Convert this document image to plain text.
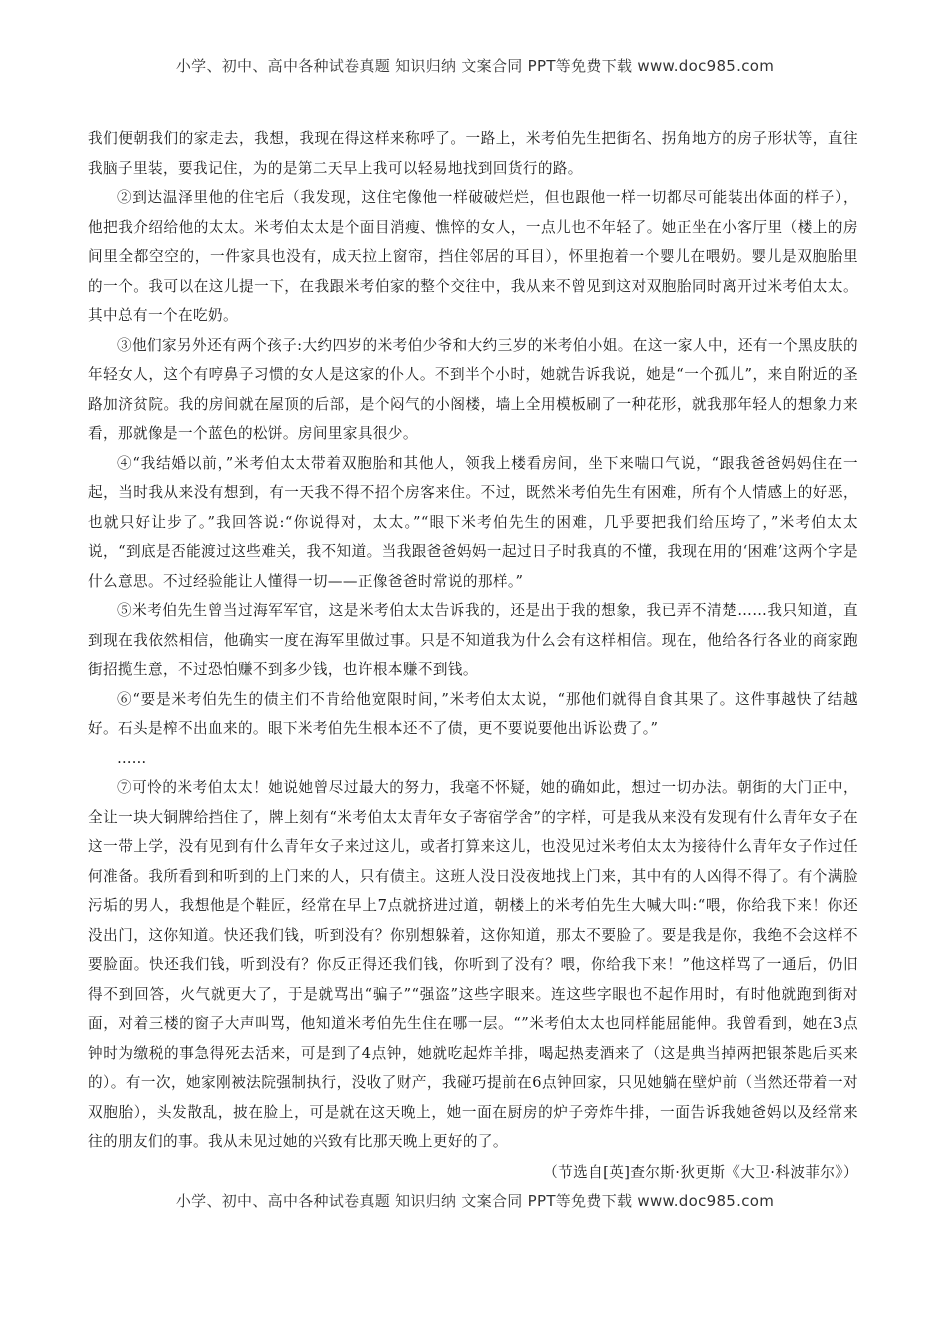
小学、初中、高中各种试卷真题 知识归纳 文案合同 PPT等免费下载 www.doc985.com

我们便朝我们的家走去，我想，我现在得这样来称呼了。一路上，米考伯先生把街名、拐角地方的房子形状等，直往我脑子里装，要我记住，为的是第二天早上我可以轻易地找到回货行的路。

②到达温泽里他的住宅后（我发现，这住宅像他一样破破烂烂，但也跟他一样一切都尽可能装出体面的样子），他把我介绍给他的太太。米考伯太太是个面目消瘦、憔悴的女人，一点儿也不年轻了。她正坐在小客厅里（楼上的房间里全都空空的，一件家具也没有，成天拉上窗帘，挡住邻居的耳目），怀里抱着一个婴儿在喂奶。婴儿是双胞胎里的一个。我可以在这儿提一下，在我跟米考伯家的整个交往中，我从来不曾见到这对双胞胎同时离开过米考伯太太。其中总有一个在吃奶。

③他们家另外还有两个孩子:大约四岁的米考伯少爷和大约三岁的米考伯小姐。在这一家人中，还有一个黑皮肤的年轻女人，这个有哼鼻子习惯的女人是这家的仆人。不到半个小时，她就告诉我说，她是“一个孤儿”，来自附近的圣路加济贫院。我的房间就在屋顶的后部，是个闷气的小阁楼，墙上全用模板刷了一种花形，就我那年轻人的想象力来看，那就像是一个蓝色的松饼。房间里家具很少。

④“我结婚以前，”米考伯太太带着双胞胎和其他人，领我上楼看房间，坐下来喘口气说，“跟我爸爸妈妈住在一起，当时我从来没有想到，有一天我不得不招个房客来住。不过，既然米考伯先生有困难，所有个人情感上的好恶，也就只好让步了。”我回答说:“你说得对，太太。”“眼下米考伯先生的困难，几乎要把我们给压垮了，”米考伯太太说，“到底是否能渡过这些难关，我不知道。当我跟爸爸妈妈一起过日子时我真的不懂，我现在用的‘困难’这两个字是什么意思。不过经验能让人懂得一切——正像爸爸时常说的那样。”

⑤米考伯先生曾当过海军军官，这是米考伯太太告诉我的，还是出于我的想象，我已弄不清楚……我只知道，直到现在我依然相信，他确实一度在海军里做过事。只是不知道我为什么会有这样相信。现在，他给各行各业的商家跑街招揽生意，不过恐怕赚不到多少钱，也许根本赚不到钱。

⑥“要是米考伯先生的债主们不肯给他宽限时间，”米考伯太太说，“那他们就得自食其果了。这件事越快了结越好。石头是榨不出血来的。眼下米考伯先生根本还不了债，更不要说要他出诉讼费了。”

……

⑦可怜的米考伯太太！她说她曾尽过最大的努力，我毫不怀疑，她的确如此，想过一切办法。朝街的大门正中，全让一块大铜牌给挡住了，牌上刻有“米考伯太太青年女子寄宿学舍”的字样，可是我从来没有发现有什么青年女子在这一带上学，没有见到有什么青年女子来过这儿，或者打算来这儿，也没见过米考伯太太为接待什么青年女子作过任何准备。我所看到和听到的上门来的人，只有债主。这班人没日没夜地找上门来，其中有的人凶得不得了。有个满脸污垢的男人，我想他是个鞋匠，经常在早上7点就挤进过道，朝楼上的米考伯先生大喊大叫:“喂，你给我下来！你还没出门，这你知道。快还我们钱，听到没有？你别想躲着，这你知道，那太不要脸了。要是我是你，我绝不会这样不要脸面。快还我们钱，听到没有？你反正得还我们钱，你听到了没有？喂，你给我下来！”他这样骂了一通后，仍旧得不到回答，火气就更大了，于是就骂出“骗子”“强盗”这些字眼来。连这些字眼也不起作用时，有时他就跑到街对面，对着三楼的窗子大声叫骂，他知道米考伯先生住在哪一层。“”米考伯太太也同样能屈能伸。我曾看到，她在3点钟时为缴税的事急得死去活来，可是到了4点钟，她就吃起炸羊排，喝起热麦酒来了（这是典当掉两把银茶匙后买来的）。有一次，她家刚被法院强制执行，没收了财产，我碰巧提前在6点钟回家，只见她躺在壁炉前（当然还带着一对双胞胎），头发散乱，披在脸上，可是就在这天晚上，她一面在厨房的炉子旁炸牛排，一面告诉我她爸妈以及经常来往的朋友们的事。我从未见过她的兴致有比那天晚上更好的了。

（节选自[英]查尔斯·狄更斯《大卫·科波菲尔》）

小学、初中、高中各种试卷真题 知识归纳 文案合同 PPT等免费下载 www.doc985.com
